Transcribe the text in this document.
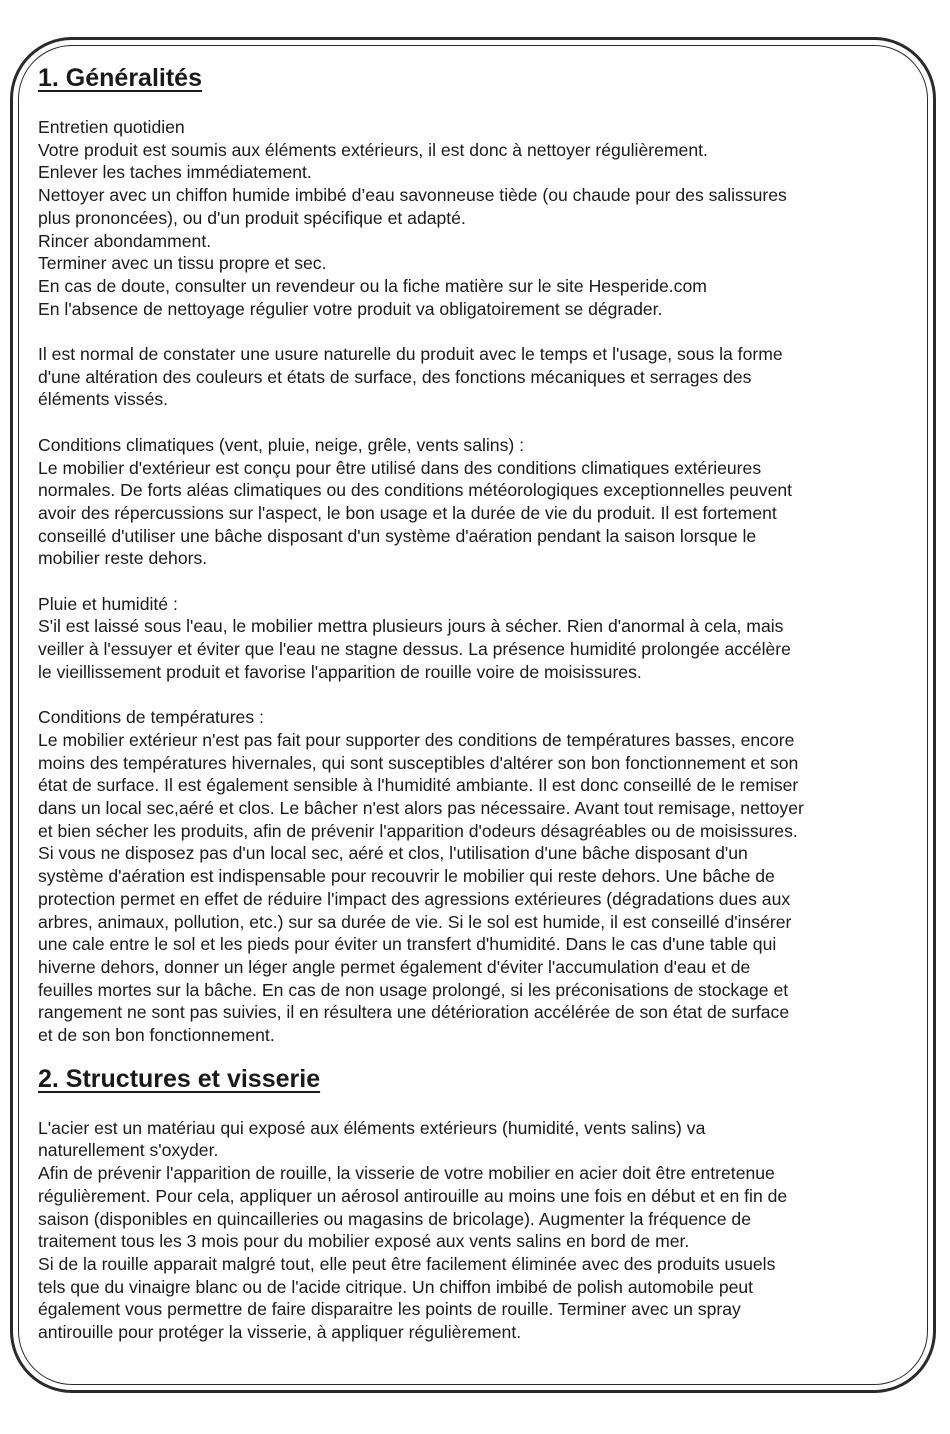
1. Généralités

Entretien quotidien

Votre produit est soumis aux éléments extérieurs, il est donc à nettoyer régulièrement.

Enlever les taches immédiatement.

Nettoyer avec un chiffon humide imbibé d’eau savonneuse tiède (ou chaude pour des salissures

plus prononcées), ou d'un produit spécifique et adapté.

Rincer abondamment.

Terminer avec un tissu propre et sec.

En cas de doute, consulter un revendeur ou la fiche matière sur le site Hesperide.com

En l'absence de nettoyage régulier votre produit va obligatoirement se dégrader.

Il est normal de constater une usure naturelle du produit avec le temps et l'usage, sous la forme

d'une altération des couleurs et états de surface, des fonctions mécaniques et serrages des

éléments vissés.

Conditions climatiques (vent, pluie, neige, grêle, vents salins) :

Le mobilier d'extérieur est conçu pour être utilisé dans des conditions climatiques extérieures

normales. De forts aléas climatiques ou des conditions météorologiques exceptionnelles peuvent

avoir des répercussions sur l'aspect, le bon usage et la durée de vie du produit. Il est fortement

conseillé d'utiliser une bâche disposant d'un système d'aération pendant la saison lorsque le

mobilier reste dehors.

Pluie et humidité :

S'il est laissé sous l'eau, le mobilier mettra plusieurs jours à sécher. Rien d'anormal à cela, mais

veiller à l'essuyer et éviter que l'eau ne stagne dessus. La présence humidité prolongée accélère

le vieillissement produit et favorise l'apparition de rouille voire de moisissures.

Conditions de températures :

Le mobilier extérieur n'est pas fait pour supporter des conditions de températures basses, encore

moins des températures hivernales, qui sont susceptibles d'altérer son bon fonctionnement et son

état de surface. Il est également sensible à l'humidité ambiante. Il est donc conseillé de le remiser

dans un local sec,aéré et clos. Le bâcher n'est alors pas nécessaire. Avant tout remisage, nettoyer

et bien sécher les produits, afin de prévenir l'apparition d'odeurs désagréables ou de moisissures.

Si vous ne disposez pas d'un local sec, aéré et clos, l'utilisation d'une bâche disposant d'un

système d'aération est indispensable pour recouvrir le mobilier qui reste dehors. Une bâche de

protection permet en effet de réduire l'impact des agressions extérieures (dégradations dues aux

arbres, animaux, pollution, etc.) sur sa durée de vie. Si le sol est humide, il est conseillé d'insérer

une cale entre le sol et les pieds pour éviter un transfert d'humidité. Dans le cas d'une table qui

hiverne dehors, donner un léger angle permet également d'éviter l'accumulation d'eau et de

feuilles mortes sur la bâche. En cas de non usage prolongé, si les préconisations de stockage et

rangement ne sont pas suivies, il en résultera une détérioration accélérée de son état de surface

et de son bon fonctionnement.

2. Structures et visserie

L'acier est un matériau qui exposé aux éléments extérieurs (humidité, vents salins) va

naturellement s'oxyder.

Afin de prévenir l'apparition de rouille, la visserie de votre mobilier en acier doit être entretenue

régulièrement. Pour cela, appliquer un aérosol antirouille au moins une fois en début et en fin de

saison (disponibles en quincailleries ou magasins de bricolage). Augmenter la fréquence de

traitement tous les 3 mois pour du mobilier exposé aux vents salins en bord de mer.

Si de la rouille apparait malgré tout, elle peut être facilement éliminée avec des produits usuels

tels que du vinaigre blanc ou de l'acide citrique. Un chiffon imbibé de polish automobile peut

également vous permettre de faire disparaitre les points de rouille. Terminer avec un spray

antirouille pour protéger la visserie, à appliquer régulièrement.
